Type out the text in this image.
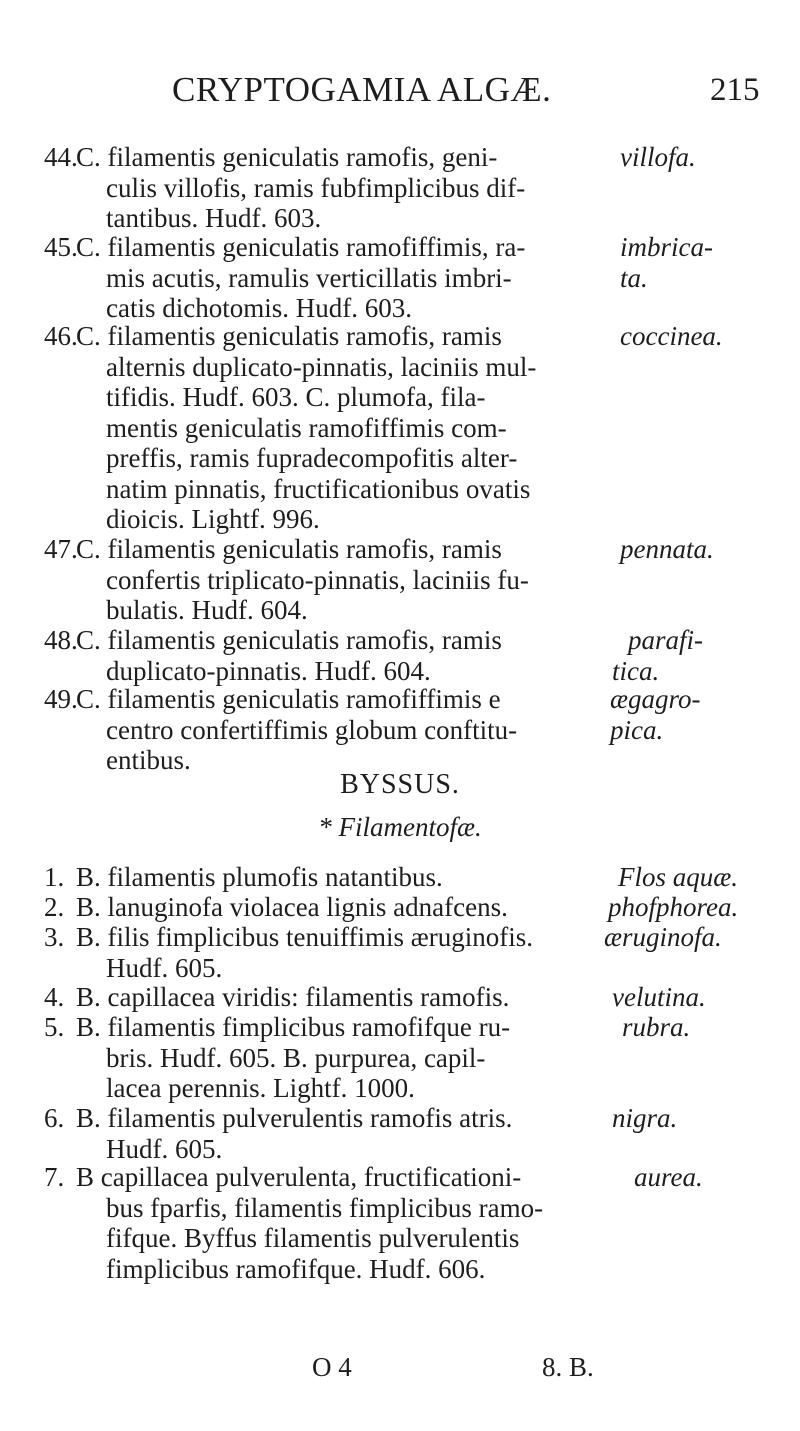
CRYPTOGAMIA ALGÆ.	215
44.
C. filamentis geniculatis ramofis, geni-	villofa.
culis villofis, ramis fubfimplicibus dif-
tantibus. Hudf. 603.
45.
C. filamentis geniculatis ramofiffimis, ra-	imbrica-
mis acutis, ramulis verticillatis imbri-	ta.
catis dichotomis. Hudf. 603.
46.
C. filamentis geniculatis ramofis, ramis	coccinea.
alternis duplicato-pinnatis, laciniis mul-
tifidis. Hudf. 603. C. plumofa, fila-
mentis geniculatis ramofiffimis com-
preffis, ramis fupradecompofitis alter-
natim pinnatis, fructificationibus ovatis
dioicis. Lightf. 996.
47.
C. filamentis geniculatis ramofis, ramis	pennata.
confertis triplicato-pinnatis, laciniis fu-
bulatis. Hudf. 604.
48.
C. filamentis geniculatis ramofis, ramis	parafi-
duplicato-pinnatis. Hudf. 604.	tica.
49.
C. filamentis geniculatis ramofiffimis e	ægagro-
centro confertiffimis globum conftitu-	pica.
entibus.
1. B. filamentis plumofis natantibus.	Flos aquæ.
2. B. lanuginofa violacea lignis adnafcens.	phofphorea.
3. B. filis fimplicibus tenuiffimis æruginofis.	æruginofa.
Hudf. 605.
4. B. capillacea viridis: filamentis ramofis.	velutina.
5. B. filamentis fimplicibus ramofifque ru-	rubra.
bris. Hudf. 605. B. purpurea, capil-
lacea perennis. Lightf. 1000.
6. B. filamentis pulverulentis ramofis atris.	nigra.
Hudf. 605.
7. B capillacea pulverulenta, fructificationi-	aurea.
bus fparfis, filamentis fimplicibus ramo-
fifque. Byffus filamentis pulverulentis
fimplicibus ramofifque. Hudf. 606.
BYSSUS.
* Filamentofæ.
O 4	8. B.
